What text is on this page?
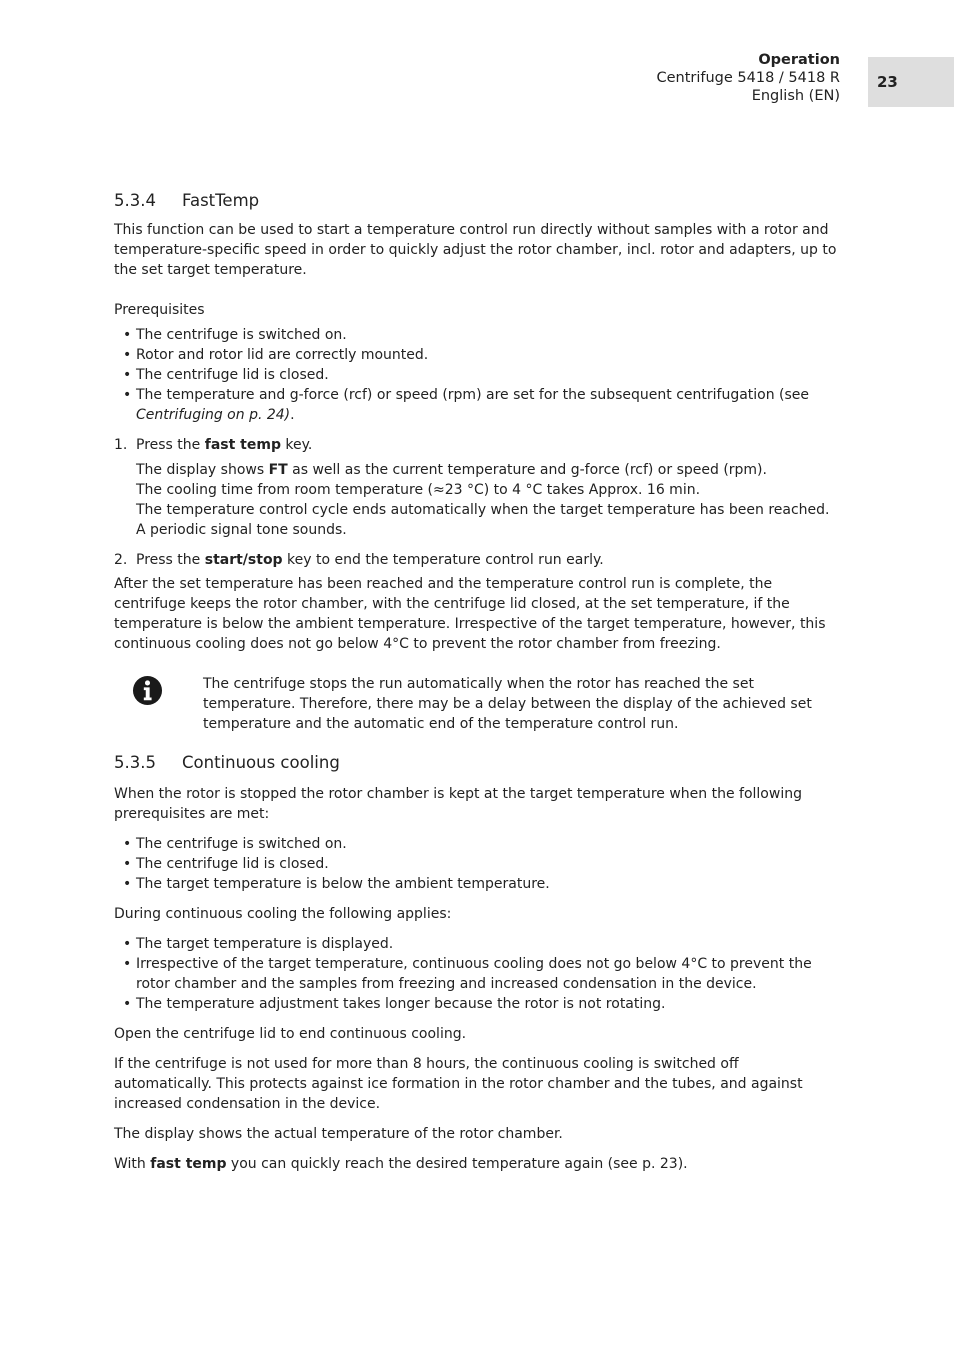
Operation
Centrifuge 5418 / 5418 R
English (EN)
23
5.3.4 FastTemp

This function can be used to start a temperature control run directly without samples with a rotor and temperature-specific speed in order to quickly adjust the rotor chamber, incl. rotor and adapters, up to the set target temperature.

Prerequisites

• The centrifuge is switched on.
• Rotor and rotor lid are correctly mounted.
• The centrifuge lid is closed.
• The temperature and g-force (rcf) or speed (rpm) are set for the subsequent centrifugation (see Centrifuging on p. 24).
1. Press the fast temp key.

The display shows FT as well as the current temperature and g-force (rcf) or speed (rpm).

The cooling time from room temperature (≈23 °C) to 4 °C takes Approx. 16 min.

The temperature control cycle ends automatically when the target temperature has been reached. A periodic signal tone sounds.

2. Press the start/stop key to end the temperature control run early.

After the set temperature has been reached and the temperature control run is complete, the centrifuge keeps the rotor chamber, with the centrifuge lid closed, at the set temperature, if the temperature is below the ambient temperature. Irrespective of the target temperature, however, this continuous cooling does not go below 4°C to prevent the rotor chamber from freezing.

The centrifuge stops the run automatically when the rotor has reached the set temperature. Therefore, there may be a delay between the display of the achieved set temperature and the automatic end of the temperature control run.

5.3.5 Continuous cooling

When the rotor is stopped the rotor chamber is kept at the target temperature when the following prerequisites are met:

• The centrifuge is switched on.
• The centrifuge lid is closed.
• The target temperature is below the ambient temperature.

During continuous cooling the following applies:

• The target temperature is displayed.
• Irrespective of the target temperature, continuous cooling does not go below 4°C to prevent the rotor chamber and the samples from freezing and increased condensation in the device.
• The temperature adjustment takes longer because the rotor is not rotating.

Open the centrifuge lid to end continuous cooling.

If the centrifuge is not used for more than 8 hours, the continuous cooling is switched off automatically. This protects against ice formation in the rotor chamber and the tubes, and against increased condensation in the device.

The display shows the actual temperature of the rotor chamber.

With fast temp you can quickly reach the desired temperature again (see p. 23).
